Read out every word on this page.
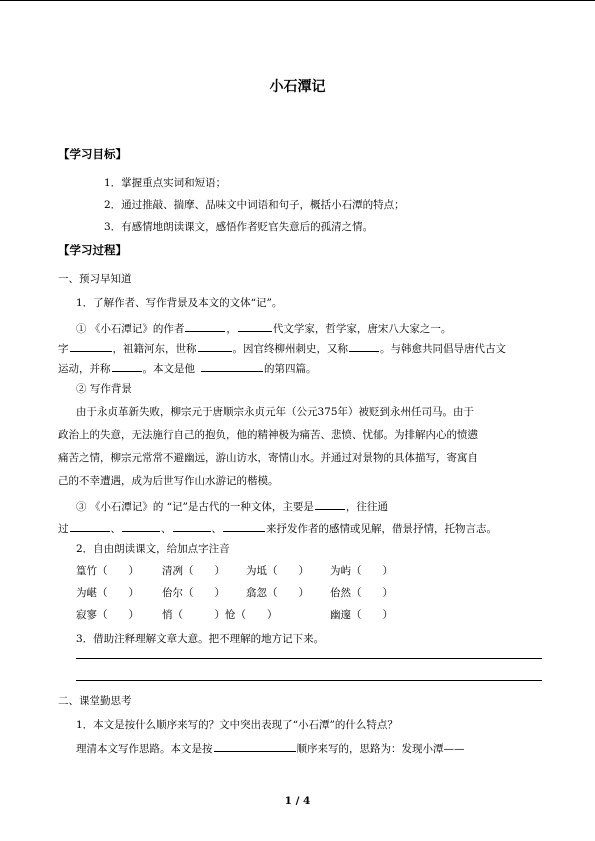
小石潭记
【学习目标】
1．掌握重点实词和短语；
2．通过推敲、揣摩、品味文中词语和句子，概括小石潭的特点；
3．有感情地朗读课文，感悟作者贬官失意后的孤清之情。
【学习过程】
一、预习早知道
1．了解作者、写作背景及本文的文体“记”。
① 《小石潭记》的作者	，	代文学家，哲学家，唐宋八大家之一。
字	，祖籍河东，世称	。因官终柳州刺史，又称	。与韩愈共同倡导唐代古文
运动，并称	。本文是他	的第四篇。
② 写作背景
由于永贞革新失败，柳宗元于唐顺宗永贞元年（公元375年）被贬到永州任司马。由于
政治上的失意，无法施行自己的抱负，他的精神极为痛苦、悲愤、忧郁。为排解内心的愤懑
痛苦之情，柳宗元常常不避幽远，游山访水，寄情山水。并通过对景物的具体描写，寄寓自
己的不幸遭遇，成为后世写作山水游记的楷模。
③ 《小石潭记》的 “记”是古代的一种文体，主要是	，往往通
过	、	、	、	来抒发作者的感情或见解，借景抒情，托物言志。
2．自由朗读课文，给加点字注音
篁竹（　　） 清冽（　　） 为坻（　　） 为屿（　　）
为嵁（　　） 佁尔（　　） 翕忽（　　） 佁然（　　）
寂寥（　　） 悄（　　　）怆（　　）	幽邃（　　）
3．借助注释理解文章大意。把不理解的地方记下来。
二、课堂勤思考
1．本文是按什么顺序来写的？文中突出表现了“小石潭”的什么特点？
理清本文写作思路。本文是按	顺序来写的，思路为：发现小潭——
1 / 4
